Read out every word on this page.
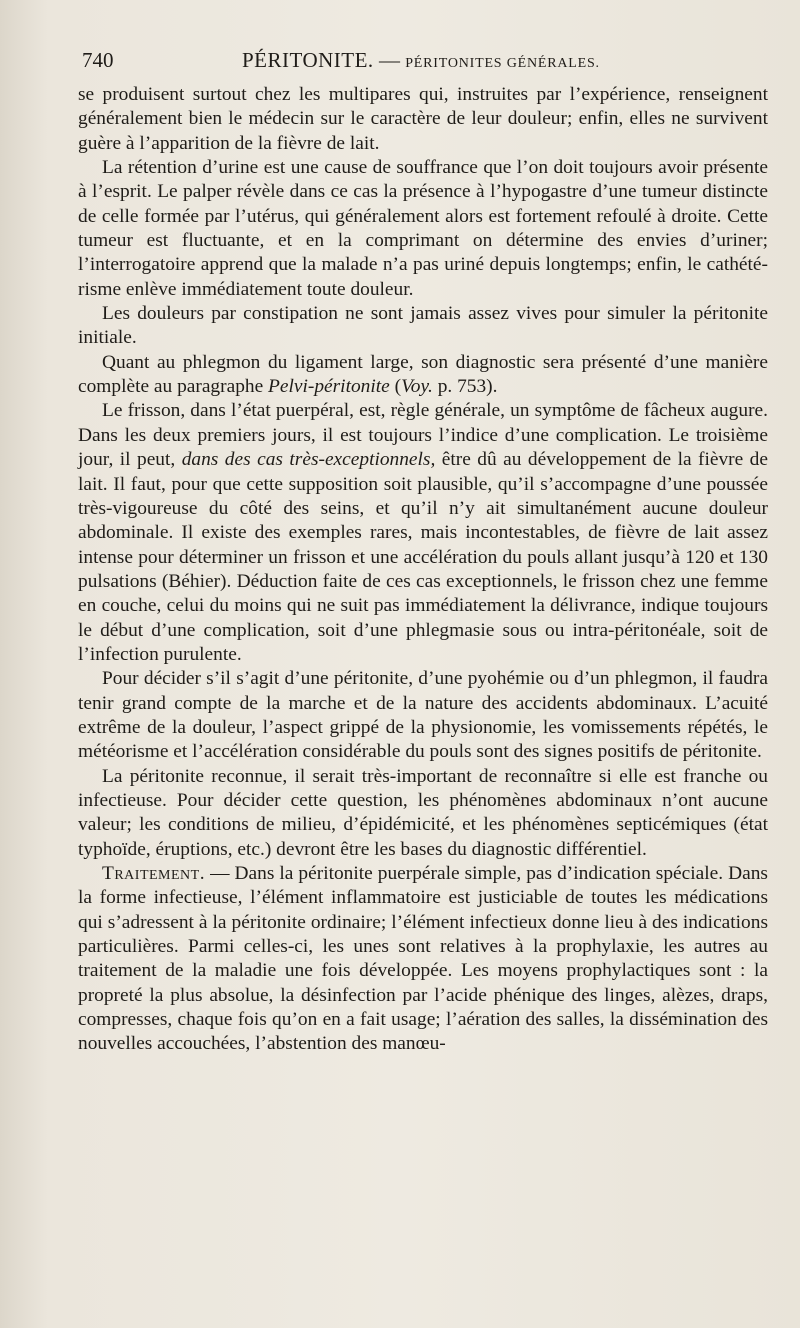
740	PÉRITONITE. — PÉRITONITES GÉNÉRALES.

se produisent surtout chez les multipares qui, instruites par l’expérience, renseignent généralement bien le médecin sur le caractère de leur douleur; enfin, elles ne survivent guère à l’apparition de la fièvre de lait.

La rétention d’urine est une cause de souffrance que l’on doit toujours avoir présente à l’esprit. Le palper révèle dans ce cas la présence à l’hypogastre d’une tumeur distincte de celle formée par l’utérus, qui généralement alors est fortement refoulé à droite. Cette tumeur est fluctuante, et en la comprimant on détermine des envies d’uriner; l’interrogatoire apprend que la malade n’a pas uriné depuis longtemps; enfin, le cathétérisme enlève immédiatement toute douleur.

Les douleurs par constipation ne sont jamais assez vives pour simuler la péritonite initiale.

Quant au phlegmon du ligament large, son diagnostic sera présenté d’une manière complète au paragraphe Pelvi-péritonite (Voy. p. 753).

Le frisson, dans l’état puerpéral, est, règle générale, un symptôme de fâcheux augure. Dans les deux premiers jours, il est toujours l’indice d’une complication. Le troisième jour, il peut, dans des cas très-exceptionnels, être dû au développement de la fièvre de lait. Il faut, pour que cette supposition soit plausible, qu’il s’accompagne d’une poussée très-vigoureuse du côté des seins, et qu’il n’y ait simultanément aucune douleur abdominale. Il existe des exemples rares, mais incontestables, de fièvre de lait assez intense pour déterminer un frisson et une accélération du pouls allant jusqu’à 120 et 130 pulsations (Béhier). Déduction faite de ces cas exceptionnels, le frisson chez une femme en couche, celui du moins qui ne suit pas immédiatement la délivrance, indique toujours le début d’une complication, soit d’une phlegmasie sous ou intra-péritonéale, soit de l’infection purulente.

Pour décider s’il s’agit d’une péritonite, d’une pyohémie ou d’un phlegmon, il faudra tenir grand compte de la marche et de la nature des accidents abdominaux. L’acuité extrême de la douleur, l’aspect grippé de la physionomie, les vomissements répétés, le météorisme et l’accélération considérable du pouls sont des signes positifs de péritonite.

La péritonite reconnue, il serait très-important de reconnaître si elle est franche ou infectieuse. Pour décider cette question, les phénomènes abdominaux n’ont aucune valeur; les conditions de milieu, d’épidémicité, et les phénomènes septicémiques (état typhoïde, éruptions, etc.) devront être les bases du diagnostic différentiel.

Traitement. — Dans la péritonite puerpérale simple, pas d’indication spéciale. Dans la forme infectieuse, l’élément inflammatoire est justiciable de toutes les médications qui s’adressent à la péritonite ordinaire; l’élément infectieux donne lieu à des indications particulières. Parmi celles-ci, les unes sont relatives à la prophylaxie, les autres au traitement de la maladie une fois développée. Les moyens prophylactiques sont : la propreté la plus absolue, la désinfection par l’acide phénique des linges, alèzes, draps, compresses, chaque fois qu’on en a fait usage; l’aération des salles, la dissémination des nouvelles accouchées, l’abstention des manœu-
